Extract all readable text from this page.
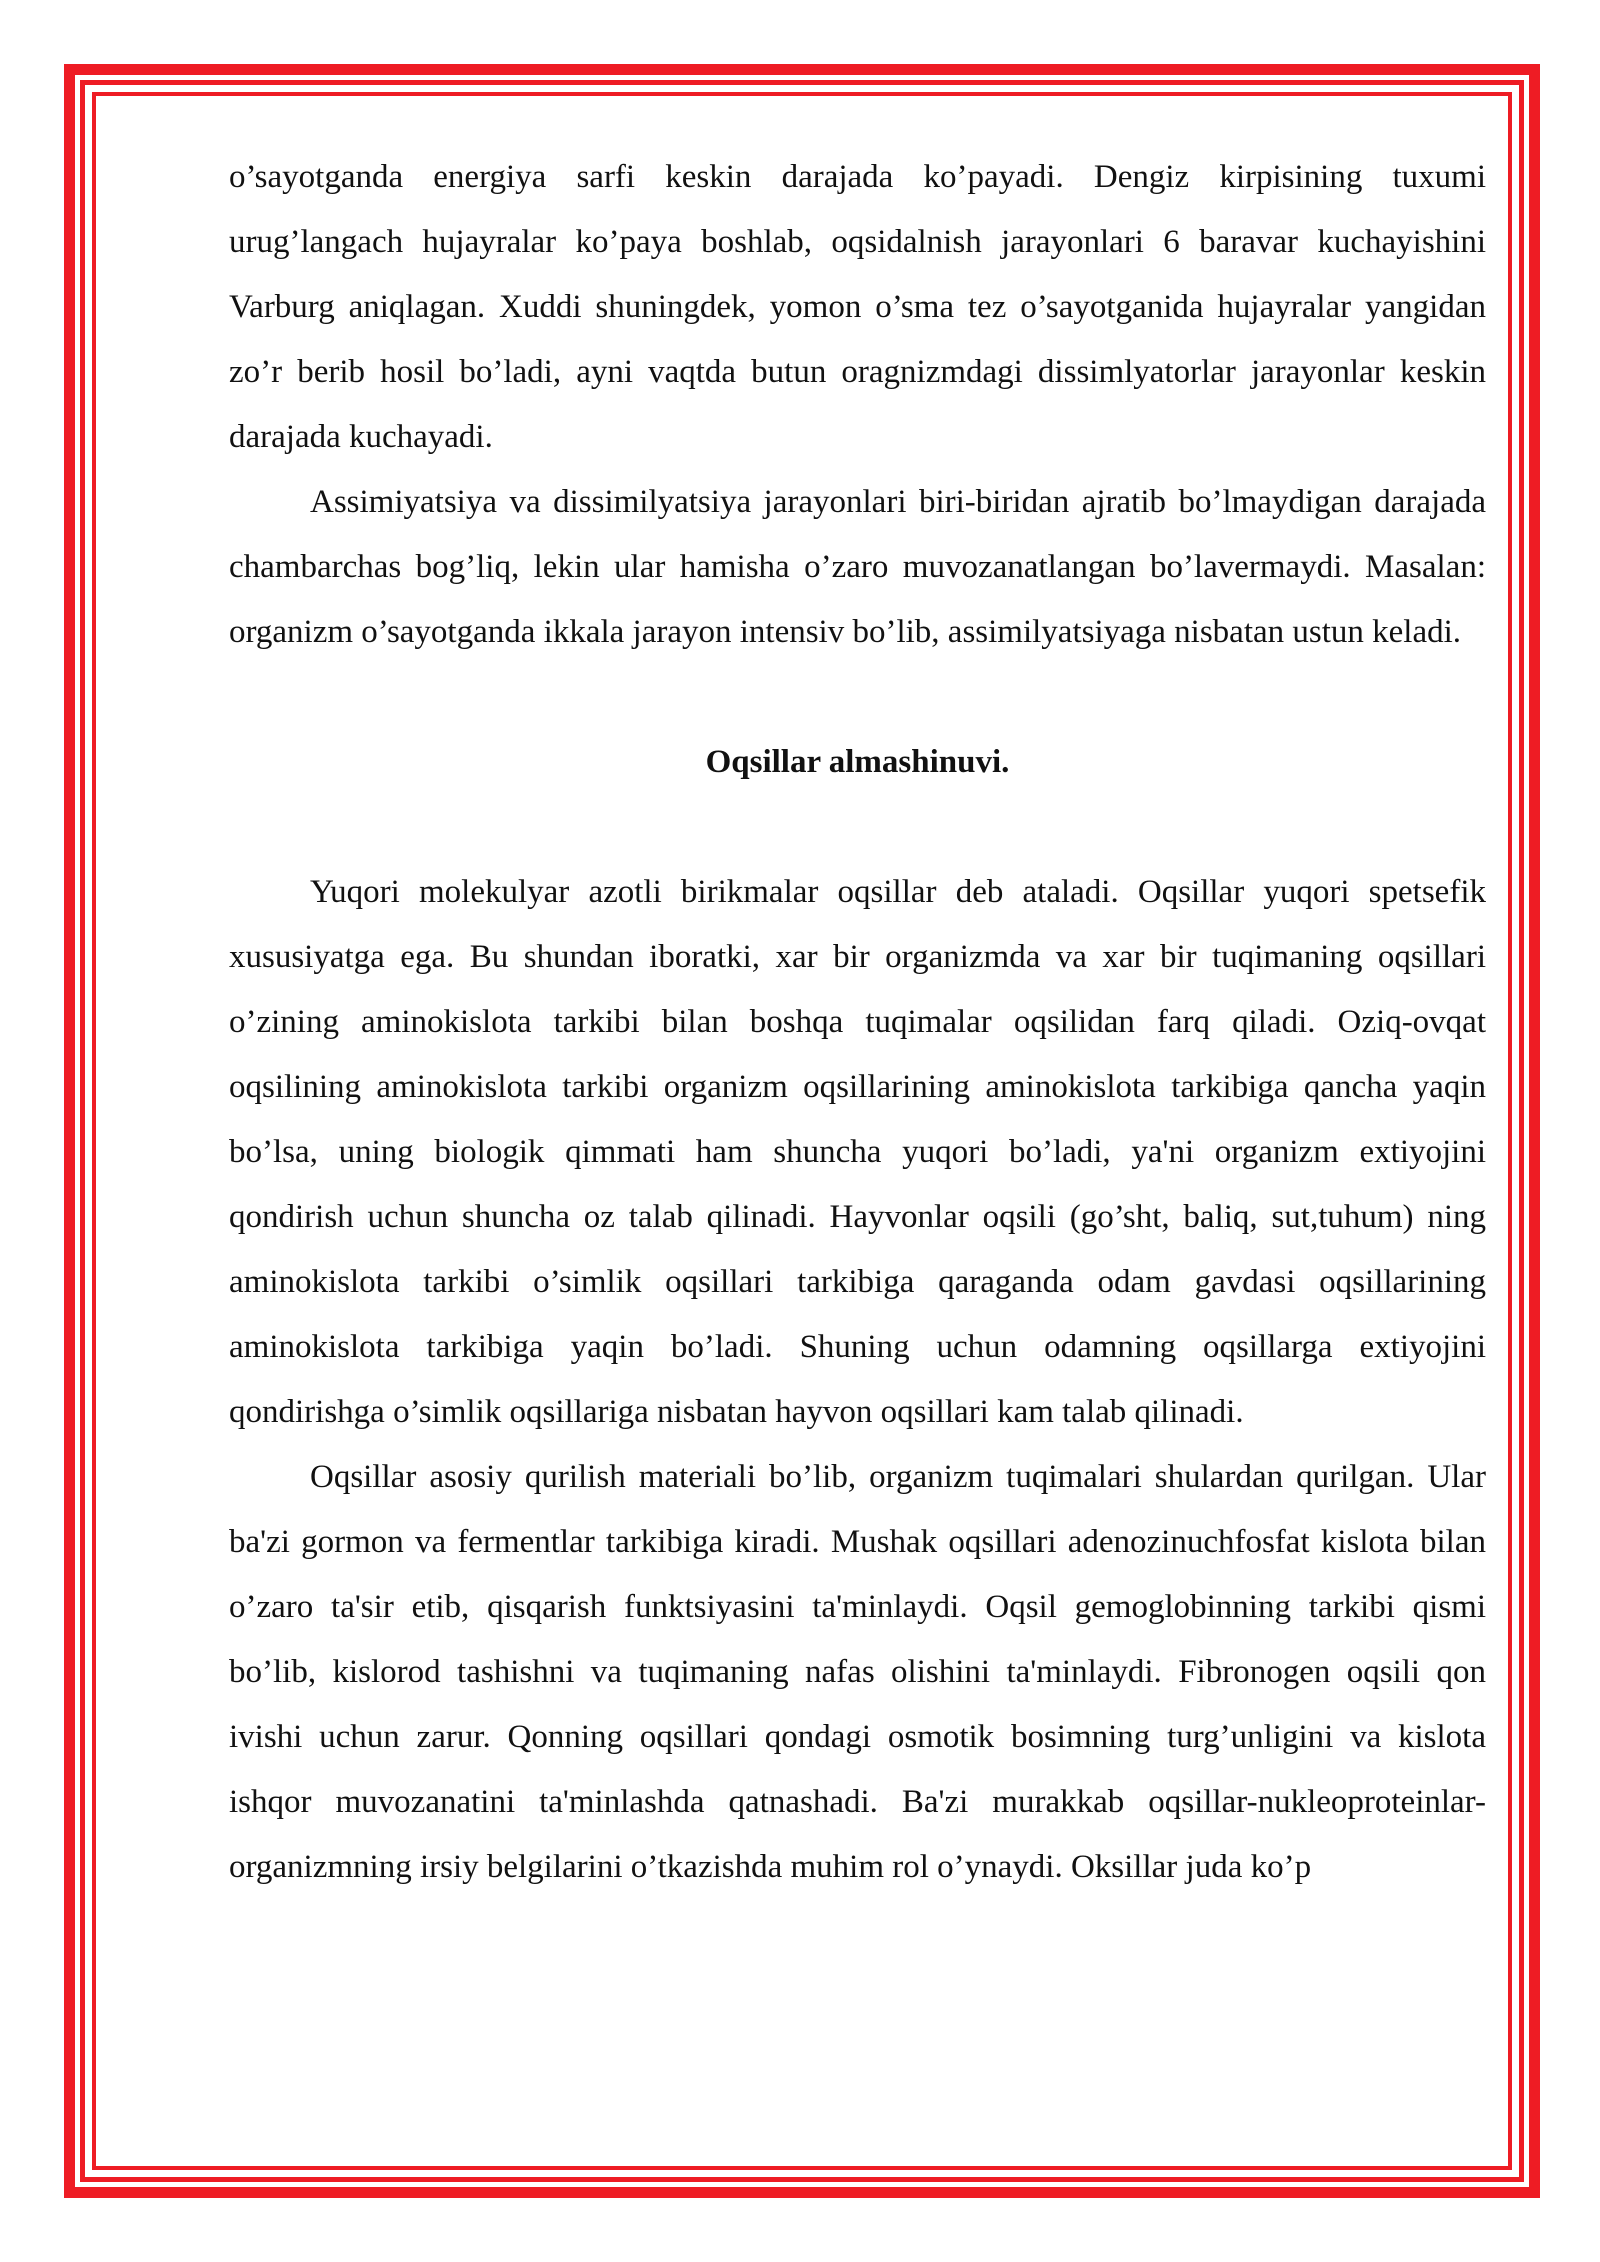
o’sayotganda energiya sarfi keskin darajada ko’payadi. Dengiz kirpisining tuxumi urug’langach hujayralar ko’paya boshlab, oqsidalnish jarayonlari 6 baravar kuchayishini Varburg aniqlagan. Xuddi shuningdek, yomon o’sma tez o’sayotganida hujayralar yangidan zo’r berib hosil bo’ladi, ayni vaqtda butun oragnizmdagi dissimlyatorlar jarayonlar keskin darajada kuchayadi.

Assimiyatsiya va dissimilyatsiya jarayonlari biri-biridan ajratib bo’lmaydigan darajada chambarchas bog’liq, lekin ular hamisha o’zaro muvozanatlangan bo’lavermaydi. Masalan: organizm o’sayotganda ikkala jarayon intensiv bo’lib, assimilyatsiyaga nisbatan ustun keladi.

Oqsillar almashinuvi.

Yuqori molekulyar azotli birikmalar oqsillar deb ataladi. Oqsillar yuqori spetsefik xususiyatga ega. Bu shundan iboratki, xar bir organizmda va xar bir tuqimaning oqsillari o’zining aminokislota tarkibi bilan boshqa tuqimalar oqsilidan farq qiladi. Oziq-ovqat oqsilining aminokislota tarkibi organizm oqsillarining aminokislota tarkibiga qancha yaqin bo’lsa, uning biologik qimmati ham shuncha yuqori bo’ladi, ya'ni organizm extiyojini qondirish uchun shuncha oz talab qilinadi. Hayvonlar oqsili (go’sht, baliq, sut,tuhum) ning aminokislota tarkibi o’simlik oqsillari tarkibiga qaraganda odam gavdasi oqsillarining aminokislota tarkibiga yaqin bo’ladi. Shuning uchun odamning oqsillarga extiyojini qondirishga o’simlik oqsillariga nisbatan hayvon oqsillari kam talab qilinadi.

Oqsillar asosiy qurilish materiali bo’lib, organizm tuqimalari shulardan qurilgan. Ular ba'zi gormon va fermentlar tarkibiga kiradi. Mushak oqsillari adenozinuchfosfat kislota bilan o’zaro ta'sir etib, qisqarish funktsiyasini ta'minlaydi. Oqsil gemoglobinning tarkibi qismi bo’lib, kislorod tashishni va tuqimaning nafas olishini ta'minlaydi. Fibronogen oqsili qon ivishi uchun zarur. Qonning oqsillari qondagi osmotik bosimning turg’unligini va kislota ishqor muvozanatini ta'minlashda qatnashadi. Ba'zi murakkab oqsillar-nukleoproteinlar-organizmning irsiy belgilarini o’tkazishda muhim rol o’ynaydi. Oksillar juda ko’p
